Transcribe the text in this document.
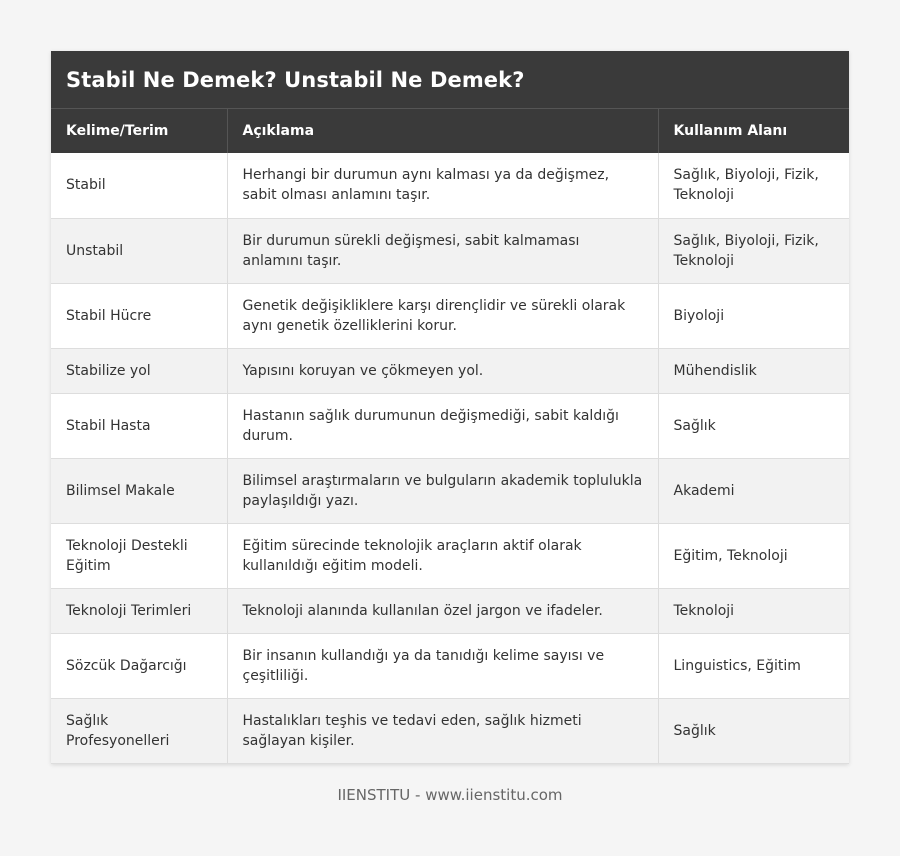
Stabil Ne Demek? Unstabil Ne Demek?
Kelime/Terim	Açıklama	Kullanım Alanı
Stabil	Herhangi bir durumun aynı kalması ya da değişmez, sabit olması anlamını taşır.	Sağlık, Biyoloji, Fizik, Teknoloji
Unstabil	Bir durumun sürekli değişmesi, sabit kalmaması anlamını taşır.	Sağlık, Biyoloji, Fizik, Teknoloji
Stabil Hücre	Genetik değişikliklere karşı dirençlidir ve sürekli olarak aynı genetik özelliklerini korur.	Biyoloji
Stabilize yol	Yapısını koruyan ve çökmeyen yol.	Mühendislik
Stabil Hasta	Hastanın sağlık durumunun değişmediği, sabit kaldığı durum.	Sağlık
Bilimsel Makale	Bilimsel araştırmaların ve bulguların akademik toplulukla paylaşıldığı yazı.	Akademi
Teknoloji Destekli Eğitim	Eğitim sürecinde teknolojik araçların aktif olarak kullanıldığı eğitim modeli.	Eğitim, Teknoloji
Teknoloji Terimleri	Teknoloji alanında kullanılan özel jargon ve ifadeler.	Teknoloji
Sözcük Dağarcığı	Bir insanın kullandığı ya da tanıdığı kelime sayısı ve çeşitliliği.	Linguistics, Eğitim
Sağlık Profesyonelleri	Hastalıkları teşhis ve tedavi eden, sağlık hizmeti sağlayan kişiler.	Sağlık
IIENSTITU - www.iienstitu.com
